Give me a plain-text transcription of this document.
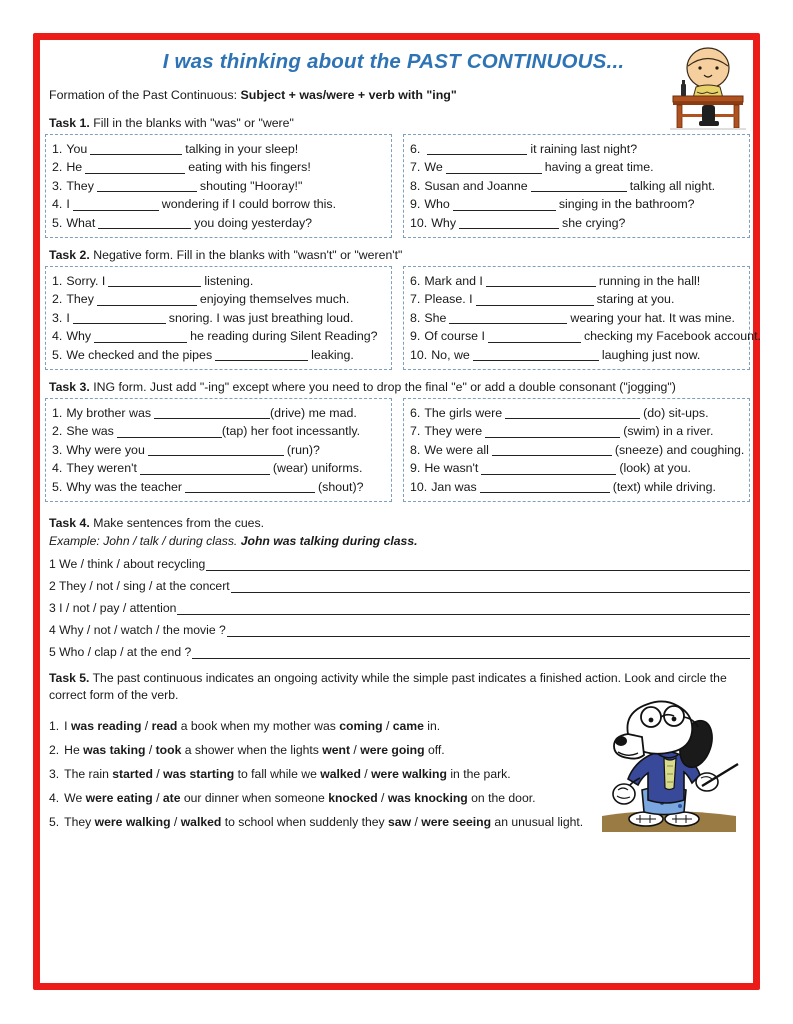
I was thinking about the PAST CONTINUOUS...
Formation of the Past Continuous: Subject + was/were + verb with "ing"
Task 1. Fill in the blanks with "was" or "were"
1. You	talking in your sleep!
2. He	eating with his fingers!
3. They	shouting "Hooray!"
4. I	wondering if I could borrow this.
5. What	you doing yesterday?
6.	it raining last night?
7. We	having a great time.
8. Susan and Joanne	talking all night.
9. Who	singing in the bathroom?
10. Why	she crying?
Task 2. Negative form. Fill in the blanks with "wasn't" or "weren't"
1. Sorry. I	listening.
2. They	enjoying themselves much.
3. I	snoring. I was just breathing loud.
4. Why	he reading during Silent Reading?
5. We checked and the pipes	leaking.
6. Mark and I	running in the hall!
7. Please. I	staring at you.
8. She	wearing your hat. It was mine.
9. Of course I	checking my Facebook account.
10. No, we	laughing just now.
Task 3. ING form. Just add "-ing" except where you need to drop the final "e" or add a double consonant ("jogging")
1. My brother was	(drive) me mad.
2. She was	(tap) her foot incessantly.
3. Why were you	(run)?
4. They weren't	(wear) uniforms.
5. Why was the teacher	(shout)?
6. The girls were	(do) sit-ups.
7. They were	(swim) in a river.
8. We were all	(sneeze) and coughing.
9. He wasn't	(look) at you.
10. Jan was	(text) while driving.
Task 4. Make sentences from the cues.
Example: John / talk / during class. John was talking during class.
1 We / think / about recycling
2 They / not / sing / at the concert
3 I / not / pay / attention
4 Why / not / watch / the movie ?
5 Who / clap / at the end ?
Task 5. The past continuous indicates an ongoing activity while the simple past indicates a finished action. Look and circle the correct form of the verb.
1. I was reading / read a book when my mother was coming / came in.
2. He was taking / took a shower when the lights went / were going off.
3. The rain started / was starting to fall while we walked / were walking in the park.
4. We were eating / ate our dinner when someone knocked / was knocking on the door.
5. They were walking / walked to school when suddenly they saw / were seeing an unusual light.
